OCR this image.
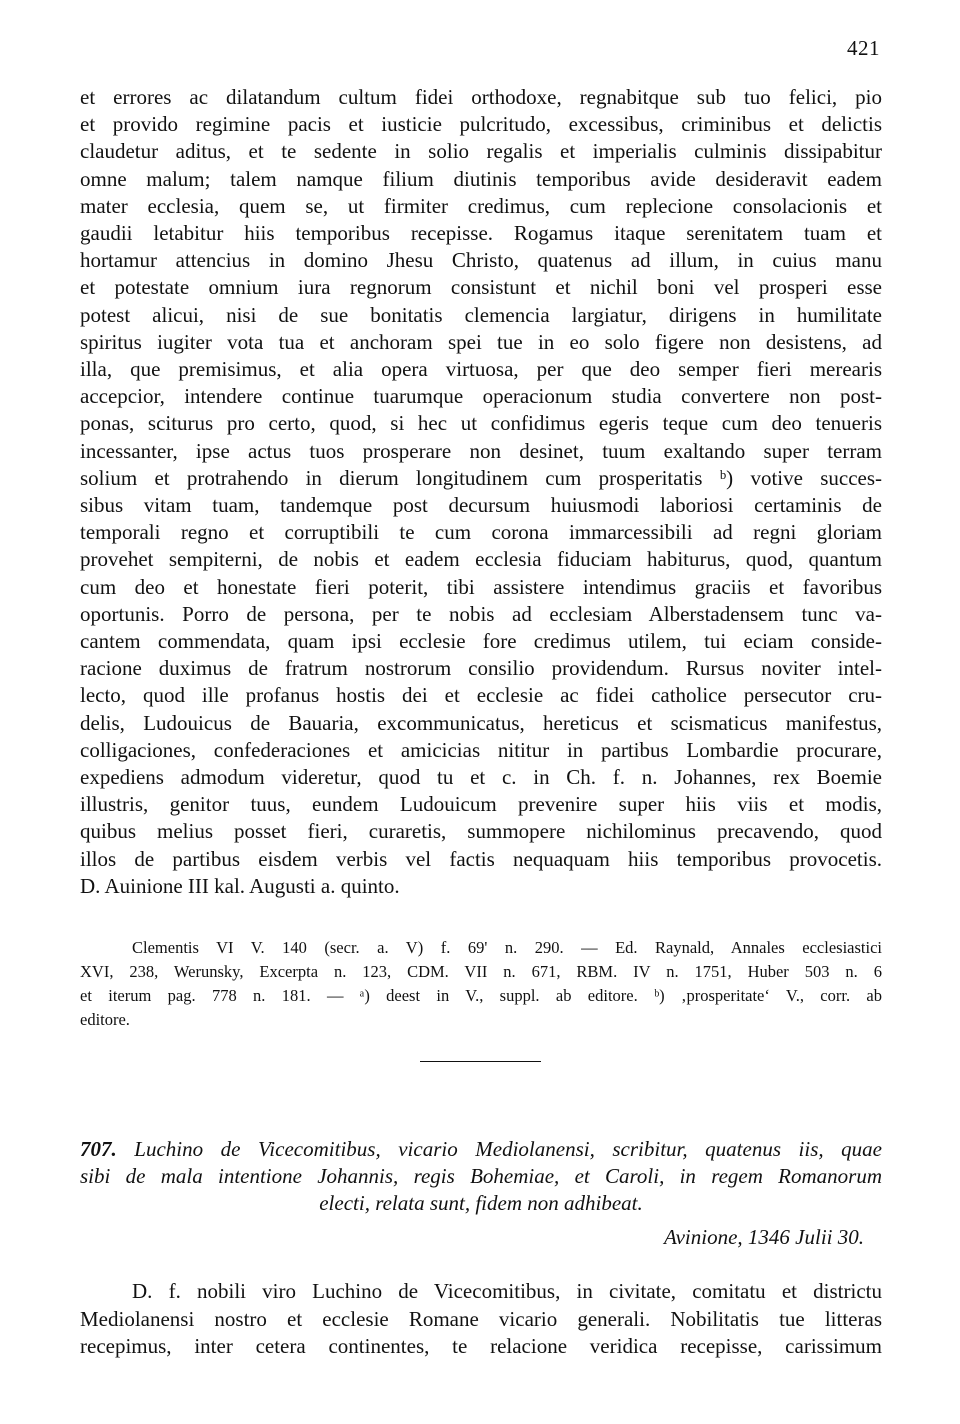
421

et errores ac dilatandum cultum fidei orthodoxe, regnabitque sub tuo felici, pio
et provido regimine pacis et iusticie pulcritudo, excessibus, criminibus et delictis
claudetur aditus, et te sedente in solio regalis et imperialis culminis dissipabitur
omne malum; talem namque filium diutinis temporibus avide desideravit eadem
mater ecclesia, quem se, ut firmiter credimus, cum replecione consolacionis et
gaudii letabitur hiis temporibus recepisse. Rogamus itaque serenitatem tuam et
hortamur attencius in domino Jhesu Christo, quatenus ad illum, in cuius manu
et potestate omnium iura regnorum consistunt et nichil boni vel prosperi esse
potest alicui, nisi de sue bonitatis clemencia largiatur, dirigens in humilitate
spiritus iugiter vota tua et anchoram spei tue in eo solo figere non desistens, ad
illa, que premisimus, et alia opera virtuosa, per que deo semper fieri merearis
accepcior, intendere continue tuarumque operacionum studia convertere non post-
ponas, sciturus pro certo, quod, si hec ut confidimus egeris teque cum deo tenueris
incessanter, ipse actus tuos prosperare non desinet, tuum exaltando super terram
solium et protrahendo in dierum longitudinem cum prosperitatis ᵇ) votive succes-
sibus vitam tuam, tandemque post decursum huiusmodi laboriosi certaminis de
temporali regno et corruptibili te cum corona immarcessibili ad regni gloriam
provehet sempiterni, de nobis et eadem ecclesia fiduciam habiturus, quod, quantum
cum deo et honestate fieri poterit, tibi assistere intendimus graciis et favoribus
oportunis. Porro de persona, per te nobis ad ecclesiam Alberstadensem tunc va-
cantem commendata, quam ipsi ecclesie fore credimus utilem, tui eciam conside-
racione duximus de fratrum nostrorum consilio providendum. Rursus noviter intel-
lecto, quod ille profanus hostis dei et ecclesie ac fidei catholice persecutor cru-
delis, Ludouicus de Bauaria, excommunicatus, hereticus et scismaticus manifestus,
colligaciones, confederaciones et amicicias nititur in partibus Lombardie procurare,
expediens admodum videretur, quod tu et c. in Ch. f. n. Johannes, rex Boemie
illustris, genitor tuus, eundem Ludouicum prevenire super hiis viis et modis,
quibus melius posset fieri, curaretis, summopere nichilominus precavendo, quod
illos de partibus eisdem verbis vel factis nequaquam hiis temporibus provocetis.
D. Auinione III kal. Augusti a. quinto.

Clementis VI V. 140 (secr. a. V) f. 69' n. 290. — Ed. Raynald, Annales ecclesiastici
XVI, 238, Werunsky, Excerpta n. 123, CDM. VII n. 671, RBM. IV n. 1751, Huber 503 n. 6
et iterum pag. 778 n. 181. — ᵃ) deest in V., suppl. ab editore. ᵇ) ‚prosperitate‘ V., corr. ab
editore.
707. Luchino de Vicecomitibus, vicario Mediolanensi, scribitur, quatenus iis, quae
sibi de mala intentione Johannis, regis Bohemiae, et Caroli, in regem Romanorum
electi, relata sunt, fidem non adhibeat.
Avinione, 1346 Julii 30.
D. f. nobili viro Luchino de Vicecomitibus, in civitate, comitatu et districtu
Mediolanensi nostro et ecclesie Romane vicario generali. Nobilitatis tue litteras
recepimus, inter cetera continentes, te relacione veridica recepisse, carissimum
